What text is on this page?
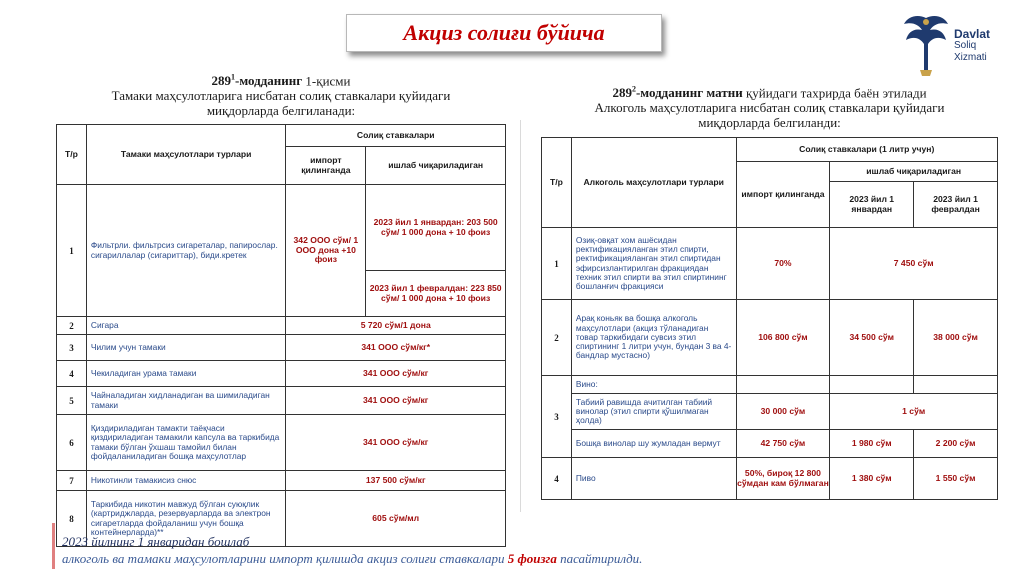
Акциз солиғи бўйича	Davlat
Soliq
Xizmati
$289^1$-модданинг 1-қисми
Тамаки маҳсулотларига нисбатан солиқ ставкалари қуйидаги
миқдорларда белгиланади:
Т/р	Тамаки маҳсулотлари турлари	Солиқ ставкалари	
		импорт қилинганда	ишлаб чиқариладиган
1	Фильтрли. фильтрсиз сигареталар, папирослар. сигариллалар (сигариттар), биди.кретек	342 OOO сўм/ 1 OOO дона +10 фоиз	2023 йил 1 январдан: 203 500 сўм/ 1 000 дона + 10 фоиз
			2023 йил 1 февралдан: 223 850 сўм/ 1 000 дона + 10 фоиз
2	Сигара	5 720 сўм/1 дона	
3	Чилим учун тамаки	341 OOO сўм/кг*	
4	Чекиладиган урама тамаки	341 OOO сўм/кг	
5	Чайналадиган хидланадиган ва шимиладиган тамаки	341 OOO сўм/кг	
6	Қиздириладиган тамакти таёқчаси қиздириладиган тамакили капсула ва таркибида тамаки бўлган ўхшаш тамойил билан фойдаланиладиган бошқа маҳсулотлар	341 OOO сўм/кг	
7	Никотинли тамакисиз снюс	137 500 сўм/кг	
8	Таркибида никотин мавжуд бўлган суюқлик (картриджларда, резервуарларда ва электрон сигаретларда фойдаланиш учун бошқа контейнерларда)**	605 сўм/мл	
$289^2$-модданинг матни қуйидаги тахрирда баён этилади
Алкоголь маҳсулотларига нисбатан солиқ ставкалари қуйидаги
миқдорларда белгиланди:
Т/р	Алкоголь маҳсулотлари турлари	Солиқ ставкалари (1 литр учун)		
		импорт қилинганда	ишлаб чиқариладиган	
			2023 йил 1 январдан	2023 йил 1 февралдан
1	Озиқ-овқат хом ашёсидан ректификацияланган этил спирти, ректификацияланган этил спиртидан эфирсизлантирилган фракциядан техник этил спирти ва этил спиртининг бошланғич фракцияси	70%	7 450 сўм	
2	Арақ коньяк ва бошқа алкоголь маҳсулотлари (акциз тўланадиган товар таркибидаги сувсиз этил спиртининг 1 литри учун, бундан 3 ва 4-бандлар мустасно)	106 800 сўм	34 500 сўм	38 000 сўм
3	Вино:			
	Табиий равишда ачитилган табиий винолар (этил спирти қўшилмаган ҳолда)	30 000 сўм	1 сўм	
	Бошқа винолар шу жумладан вермут	42 750 сўм	1 980 сўм	2 200 сўм
4	Пиво	50%, бироқ 12 800 сўмдан кам бўлмаган	1 380 сўм	1 550 сўм
2023 йилнинг 1 январидан бошлаб
алкоголь ва тамаки маҳсулотларини импорт қилишда акциз солиғи ставкалари 5 фоизга пасайтирилди.
